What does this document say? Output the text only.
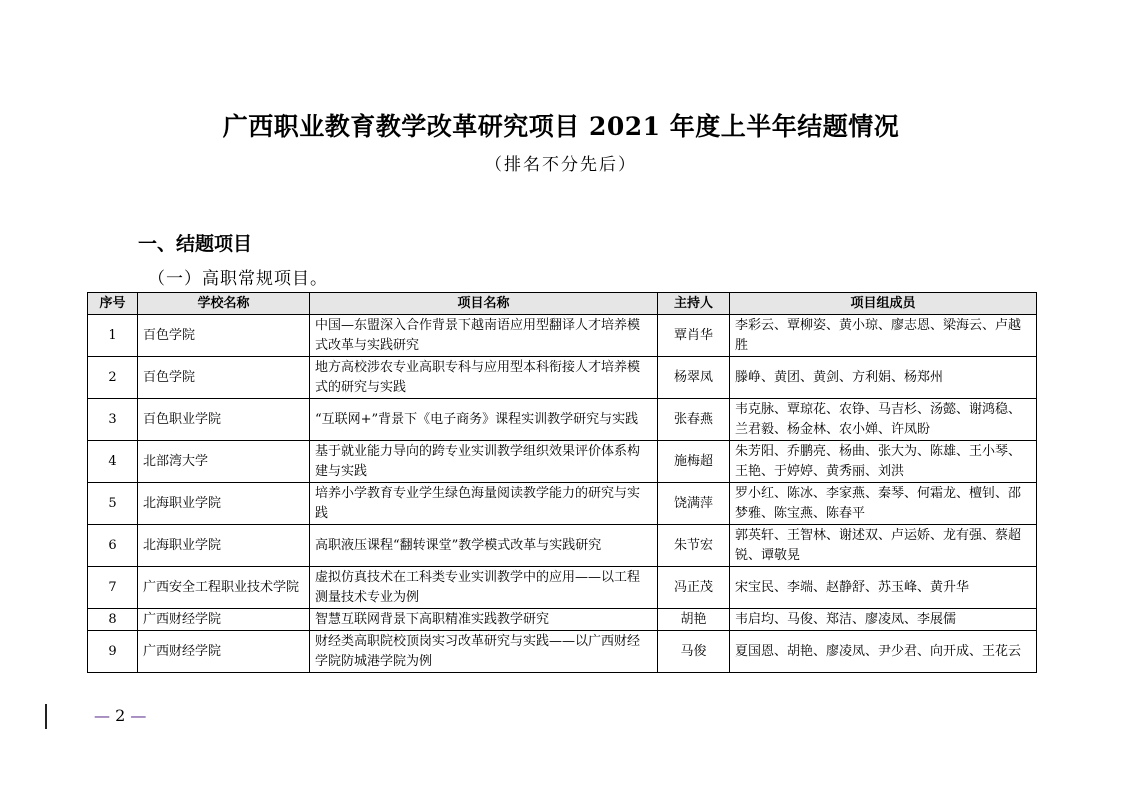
广西职业教育教学改革研究项目 2021 年度上半年结题情况
（排名不分先后）
一、结题项目
（一）高职常规项目。
序号	学校名称	项目名称	主持人	项目组成员
1	百色学院	中国—东盟深入合作背景下越南语应用型翻译人才培养模式改革与实践研究	覃肖华	李彩云、覃柳姿、黄小琼、廖志恩、梁海云、卢越胜
2	百色学院	地方高校涉农专业高职专科与应用型本科衔接人才培养模式的研究与实践	杨翠凤	滕峥、黄团、黄剑、方利娟、杨郑州
3	百色职业学院	“互联网+”背景下《电子商务》课程实训教学研究与实践	张春燕	韦克脉、覃琼花、农铮、马吉杉、汤懿、谢鸿稳、兰君毅、杨金林、农小婵、许凤盼
4	北部湾大学	基于就业能力导向的跨专业实训教学组织效果评价体系构建与实践	施梅超	朱芳阳、乔鹏亮、杨曲、张大为、陈雄、王小琴、王艳、于婷婷、黄秀丽、刘洪
5	北海职业学院	培养小学教育专业学生绿色海量阅读教学能力的研究与实践	饶满萍	罗小红、陈冰、李家燕、秦琴、何霜龙、檀钊、邵梦雅、陈宝燕、陈春平
6	北海职业学院	高职液压课程“翻转课堂”教学模式改革与实践研究	朱节宏	郭英轩、王智林、谢述双、卢运娇、龙有强、蔡超锐、谭敬晃
7	广西安全工程职业技术学院	虚拟仿真技术在工科类专业实训教学中的应用——以工程测量技术专业为例	冯正茂	宋宝民、李端、赵静舒、苏玉峰、黄升华
8	广西财经学院	智慧互联网背景下高职精准实践教学研究	胡艳	韦启均、马俊、郑洁、廖凌凤、李展儒
9	广西财经学院	财经类高职院校顶岗实习改革研究与实践——以广西财经学院防城港学院为例	马俊	夏国恩、胡艳、廖凌凤、尹少君、向开成、王花云
— 2 —
